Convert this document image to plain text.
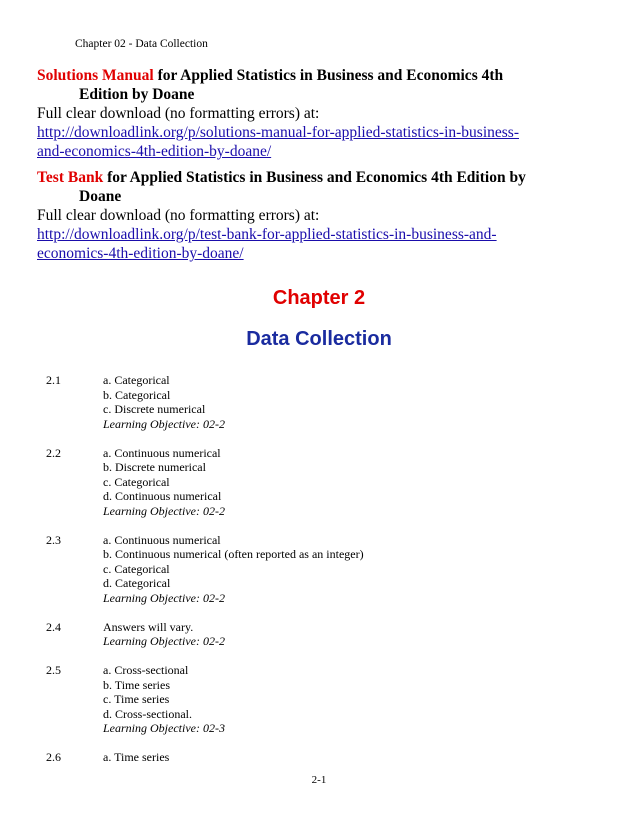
Chapter 02 - Data Collection
Solutions Manual for Applied Statistics in Business and Economics 4th
Edition by Doane
Full clear download (no formatting errors) at:
http://downloadlink.org/p/solutions-manual-for-applied-statistics-in-business-
and-economics-4th-edition-by-doane/
Test Bank for Applied Statistics in Business and Economics 4th Edition by
Doane
Full clear download (no formatting errors) at:
http://downloadlink.org/p/test-bank-for-applied-statistics-in-business-and-
economics-4th-edition-by-doane/
Chapter 2
Data Collection
2.1	a. Categorical
b. Categorical
c. Discrete numerical
Learning Objective: 02-2
2.2	a. Continuous numerical
b. Discrete numerical
c. Categorical
d. Continuous numerical
Learning Objective: 02-2
2.3	a. Continuous numerical
b. Continuous numerical (often reported as an integer)
c. Categorical
d. Categorical
Learning Objective: 02-2
2.4	Answers will vary.
Learning Objective: 02-2
2.5	a. Cross-sectional
b. Time series
c. Time series
d. Cross-sectional.
Learning Objective: 02-3
2.6	a. Time series
2-1
